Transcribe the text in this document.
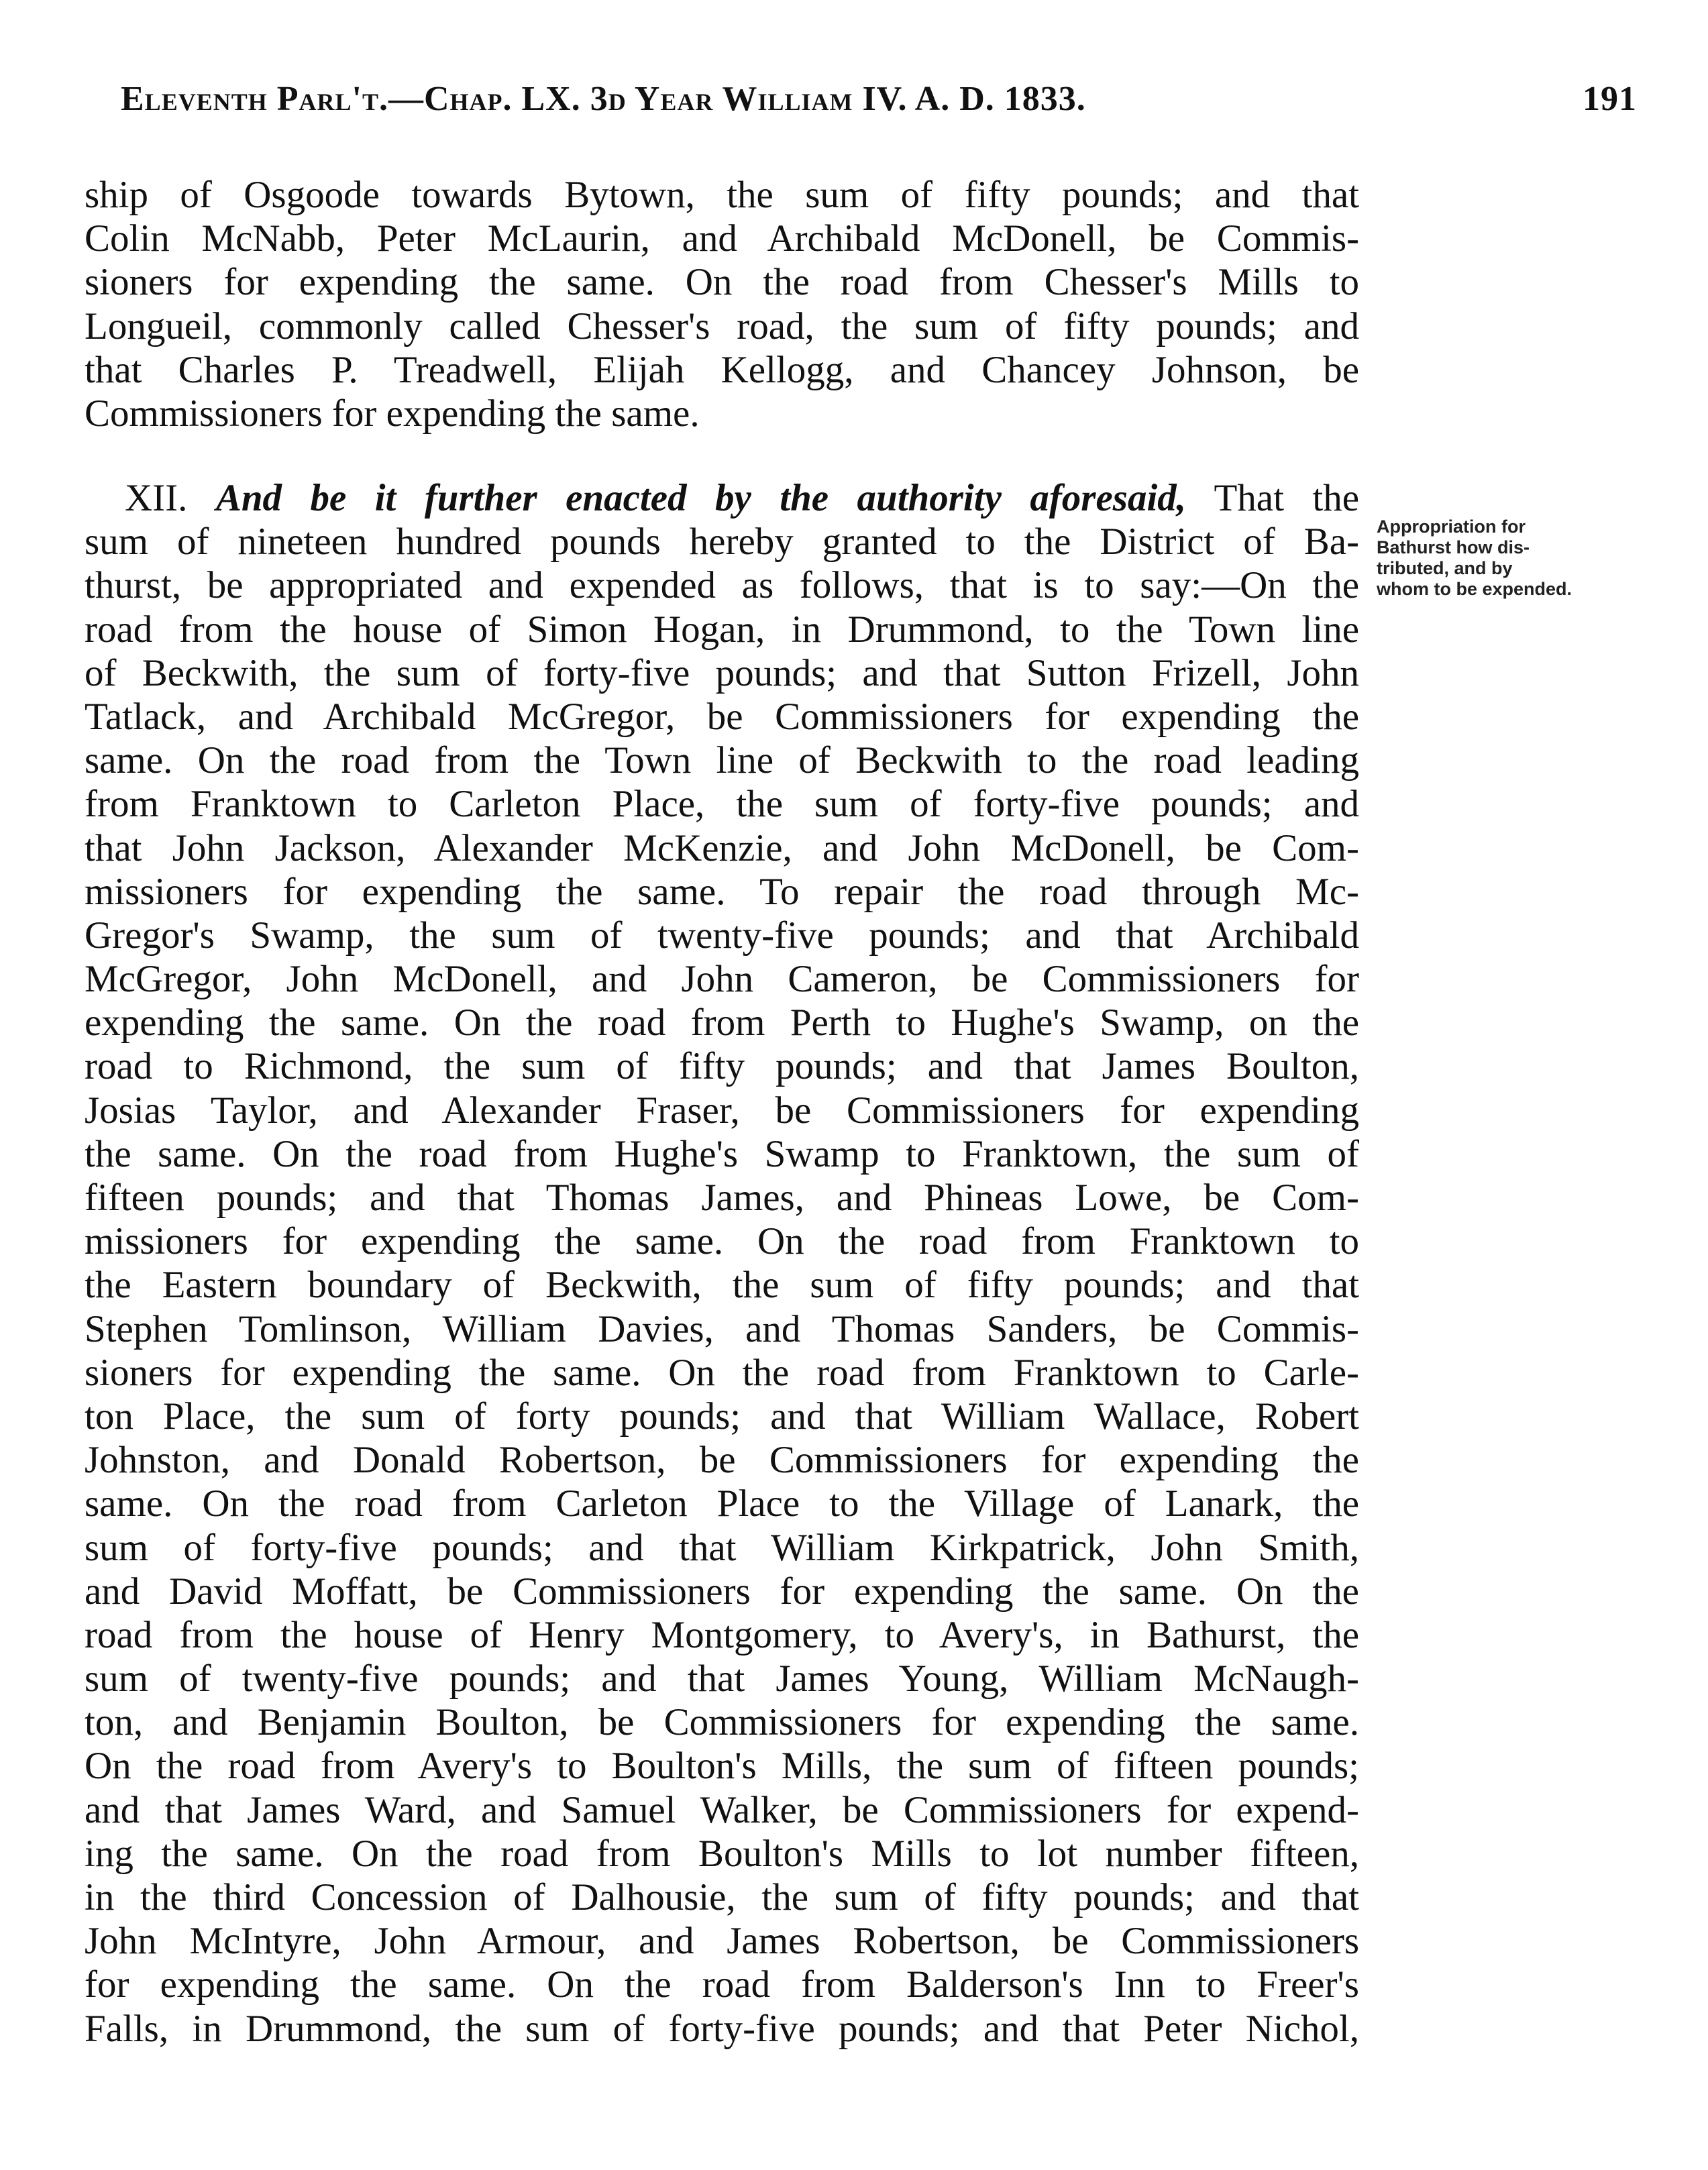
Eleventh Parl't.—Chap. LX. 3d Year William IV. A. D. 1833.	191
ship of Osgoode towards Bytown, the sum of fifty pounds; and that
Colin McNabb, Peter McLaurin, and Archibald McDonell, be Commis-
sioners for expending the same. On the road from Chesser's Mills to
Longueil, commonly called Chesser's road, the sum of fifty pounds; and
that Charles P. Treadwell, Elijah Kellogg, and Chancey Johnson, be
Commissioners for expending the same.
XII. And be it further enacted by the authority aforesaid, That the
sum of nineteen hundred pounds hereby granted to the District of Ba-
thurst, be appropriated and expended as follows, that is to say:—On the
road from the house of Simon Hogan, in Drummond, to the Town line
of Beckwith, the sum of forty-five pounds; and that Sutton Frizell, John
Tatlack, and Archibald McGregor, be Commissioners for expending the
same. On the road from the Town line of Beckwith to the road leading
from Franktown to Carleton Place, the sum of forty-five pounds; and
that John Jackson, Alexander McKenzie, and John McDonell, be Com-
missioners for expending the same. To repair the road through Mc-
Gregor's Swamp, the sum of twenty-five pounds; and that Archibald
McGregor, John McDonell, and John Cameron, be Commissioners for
expending the same. On the road from Perth to Hughe's Swamp, on the
road to Richmond, the sum of fifty pounds; and that James Boulton,
Josias Taylor, and Alexander Fraser, be Commissioners for expending
the same. On the road from Hughe's Swamp to Franktown, the sum of
fifteen pounds; and that Thomas James, and Phineas Lowe, be Com-
missioners for expending the same. On the road from Franktown to
the Eastern boundary of Beckwith, the sum of fifty pounds; and that
Stephen Tomlinson, William Davies, and Thomas Sanders, be Commis-
sioners for expending the same. On the road from Franktown to Carle-
ton Place, the sum of forty pounds; and that William Wallace, Robert
Johnston, and Donald Robertson, be Commissioners for expending the
same. On the road from Carleton Place to the Village of Lanark, the
sum of forty-five pounds; and that William Kirkpatrick, John Smith,
and David Moffatt, be Commissioners for expending the same. On the
road from the house of Henry Montgomery, to Avery's, in Bathurst, the
sum of twenty-five pounds; and that James Young, William McNaugh-
ton, and Benjamin Boulton, be Commissioners for expending the same.
On the road from Avery's to Boulton's Mills, the sum of fifteen pounds;
and that James Ward, and Samuel Walker, be Commissioners for expend-
ing the same. On the road from Boulton's Mills to lot number fifteen,
in the third Concession of Dalhousie, the sum of fifty pounds; and that
John McIntyre, John Armour, and James Robertson, be Commissioners
for expending the same. On the road from Balderson's Inn to Freer's
Falls, in Drummond, the sum of forty-five pounds; and that Peter Nichol,
Appropriation for
Bathurst how dis-
tributed, and by
whom to be expended.
